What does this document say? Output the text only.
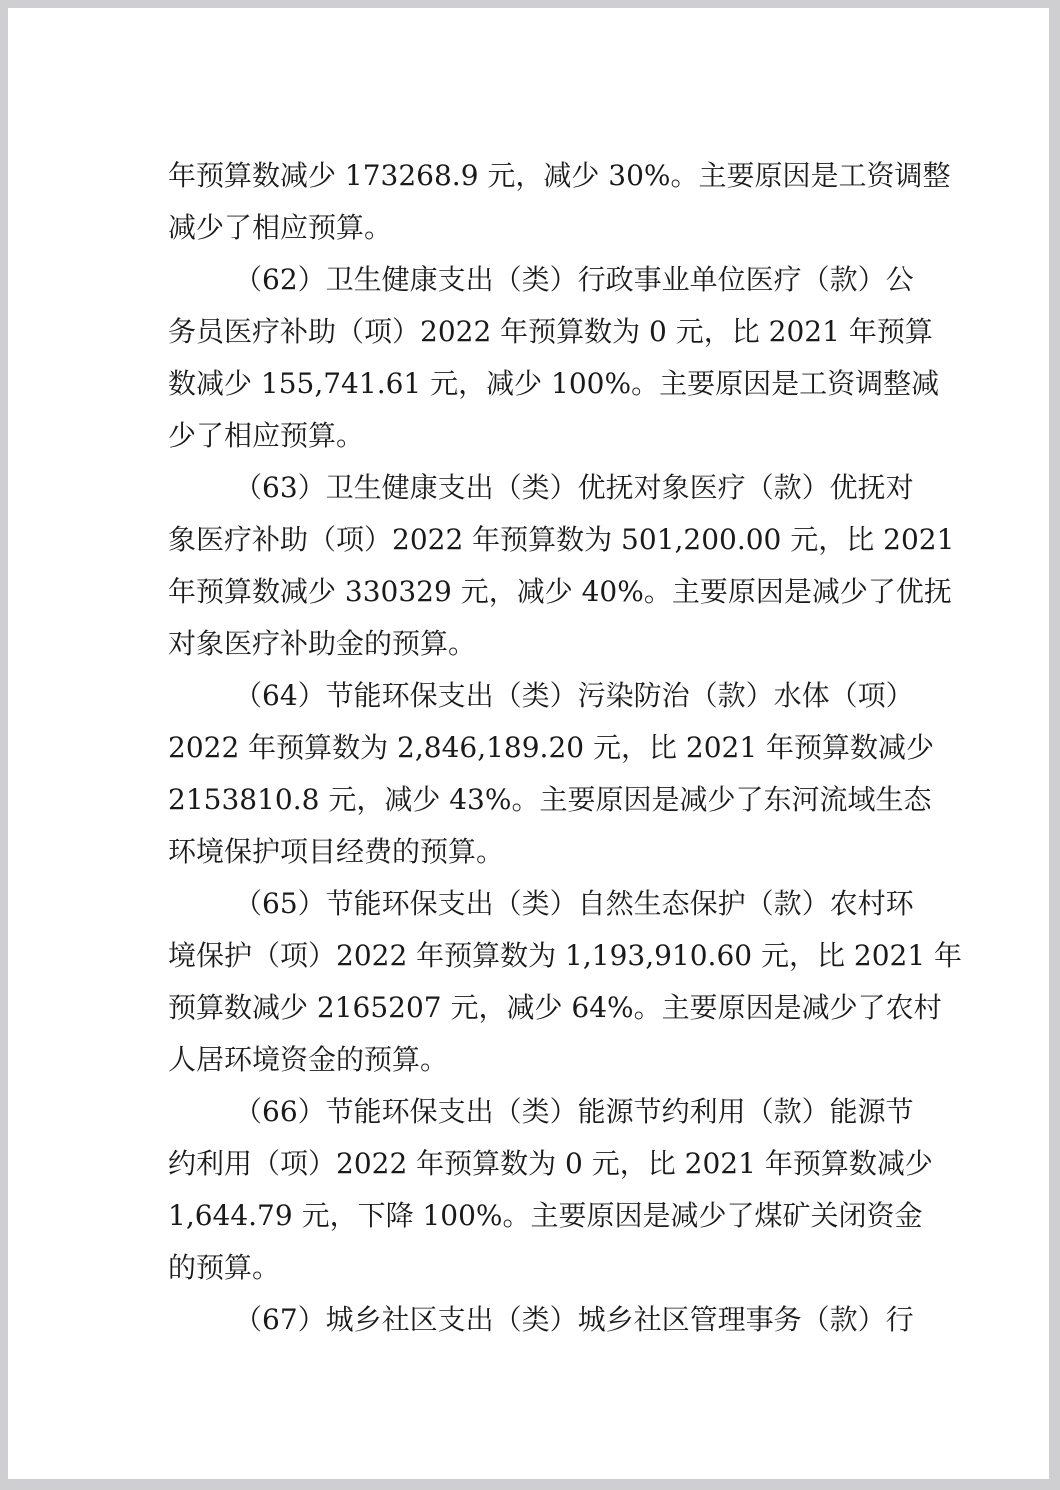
年预算数减少 173268.9 元，减少 30%。主要原因是工资调整
减少了相应预算。
（62）卫生健康支出（类）行政事业单位医疗（款）公
务员医疗补助（项）2022 年预算数为 0 元，比 2021 年预算
数减少 155,741.61 元，减少 100%。主要原因是工资调整减
少了相应预算。
（63）卫生健康支出（类）优抚对象医疗（款）优抚对
象医疗补助（项）2022 年预算数为 501,200.00 元，比 2021
年预算数减少 330329 元，减少 40%。主要原因是减少了优抚
对象医疗补助金的预算。
（64）节能环保支出（类）污染防治（款）水体（项）
2022 年预算数为 2,846,189.20 元，比 2021 年预算数减少
2153810.8 元，减少 43%。主要原因是减少了东河流域生态
环境保护项目经费的预算。
（65）节能环保支出（类）自然生态保护（款）农村环
境保护（项）2022 年预算数为 1,193,910.60 元，比 2021 年
预算数减少 2165207 元，减少 64%。主要原因是减少了农村
人居环境资金的预算。
（66）节能环保支出（类）能源节约利用（款）能源节
约利用（项）2022 年预算数为 0 元，比 2021 年预算数减少
1,644.79 元，下降 100%。主要原因是减少了煤矿关闭资金
的预算。
（67）城乡社区支出（类）城乡社区管理事务（款）行
